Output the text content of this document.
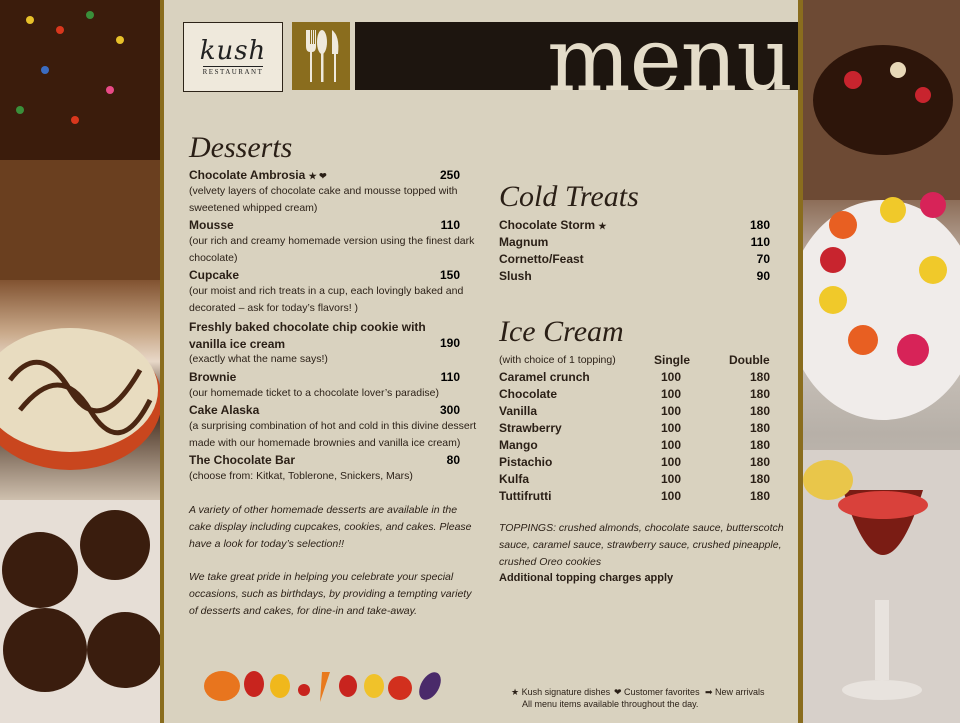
kush
RESTAURANT	menu
Desserts
Chocolate Ambrosia ★ ❤	250
(velvety layers of chocolate cake and mousse topped with
sweetened whipped cream)
Mousse	110
(our rich and creamy homemade version using the finest dark
chocolate)
Cupcake	150
(our moist and rich treats in a cup, each lovingly baked and
decorated – ask for today’s flavors! )
Freshly baked chocolate chip cookie with
vanilla ice cream	190
(exactly what the name says!)
Brownie	110
(our homemade ticket to a chocolate lover’s paradise)
Cake Alaska	300
(a surprising combination of hot and cold in this divine dessert
made with our homemade brownies and vanilla ice cream)
The Chocolate Bar	80
(choose from: Kitkat, Toblerone, Snickers, Mars)
A variety of other homemade desserts are available in the
cake display including cupcakes, cookies, and cakes. Please
have a look for today’s selection!!
We take great pride in helping you celebrate your special
occasions, such as birthdays, by providing a tempting variety
of desserts and cakes, for dine-in and take-away.
Cold Treats
Chocolate Storm ★	180
Magnum	110
Cornetto/Feast	70
Slush	90
Ice Cream
(with choice of 1 topping)	Single	Double
Caramel crunch	100	180
Chocolate	100	180
Vanilla	100	180
Strawberry	100	180
Mango	100	180
Pistachio	100	180
Kulfa	100	180
Tuttifrutti	100	180
TOPPINGS: crushed almonds, chocolate sauce, butterscotch
sauce, caramel sauce, strawberry sauce, crushed pineapple,
crushed Oreo cookies
Additional topping charges apply
★ Kush signature dishes ❤ Customer favorites ➡ New arrivals
All menu items available throughout the day.
